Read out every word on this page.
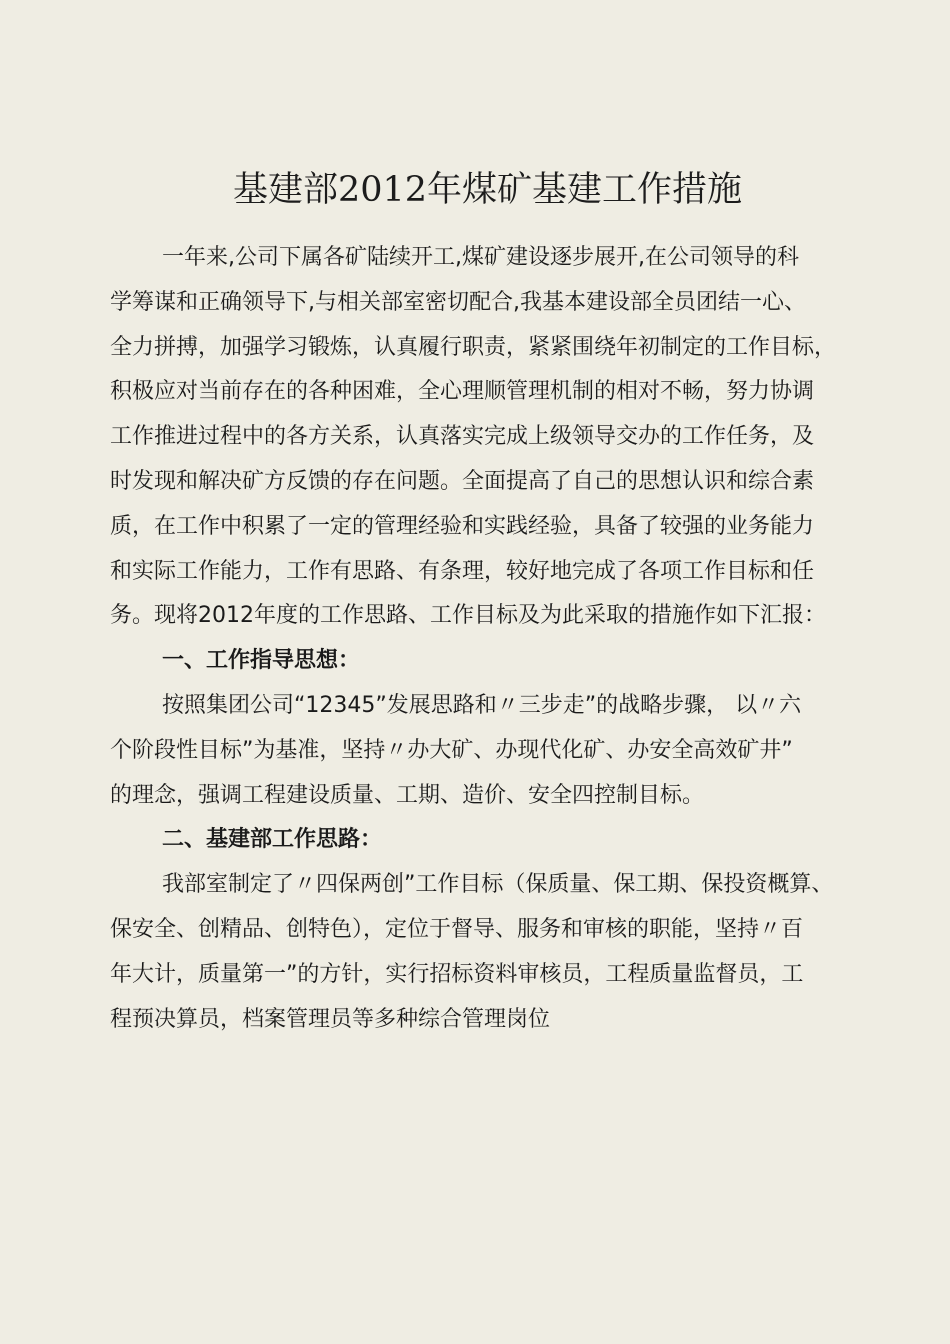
基建部2012年煤矿基建工作措施
一年来,公司下属各矿陆续开工,煤矿建设逐步展开,在公司领导的科
学筹谋和正确领导下,与相关部室密切配合,我基本建设部全员团结一心、
全力拼搏，加强学习锻炼，认真履行职责，紧紧围绕年初制定的工作目标，
积极应对当前存在的各种困难，全心理顺管理机制的相对不畅，努力协调
工作推进过程中的各方关系，认真落实完成上级领导交办的工作任务，及
时发现和解决矿方反馈的存在问题。全面提高了自己的思想认识和综合素
质，在工作中积累了一定的管理经验和实践经验，具备了较强的业务能力
和实际工作能力，工作有思路、有条理，较好地完成了各项工作目标和任
务。现将2012年度的工作思路、工作目标及为此采取的措施作如下汇报：
一、工作指导思想：
按照集团公司“12345”发展思路和〃三步走”的战略步骤， 以〃六
个阶段性目标”为基准，坚持〃办大矿、办现代化矿、办安全高效矿井”
的理念，强调工程建设质量、工期、造价、安全四控制目标。
二、基建部工作思路：
我部室制定了〃四保两创”工作目标（保质量、保工期、保投资概算、
保安全、创精品、创特色），定位于督导、服务和审核的职能，坚持〃百
年大计，质量第一”的方针，实行招标资料审核员，工程质量监督员，工
程预决算员，档案管理员等多种综合管理岗位
